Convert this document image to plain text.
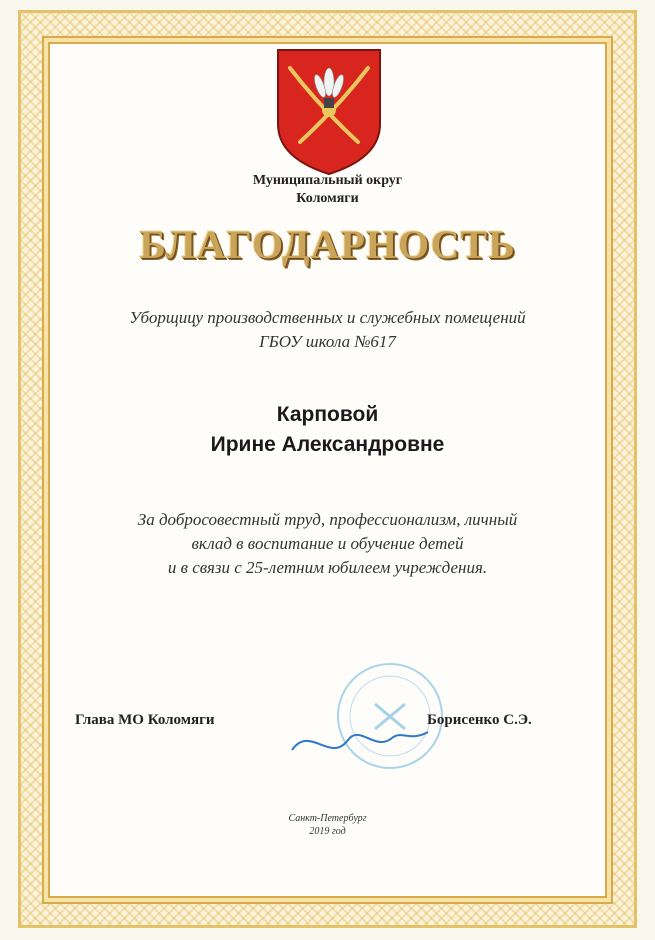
Муниципальный округ
Коломяги
БЛАГОДАРНОСТЬ
Уборщицу производственных и служебных помещений
ГБОУ школа №617
Карповой
Ирине Александровне
За добросовестный труд, профессионализм, личный
вклад в воспитание и обучение детей
и в связи с 25-летним юбилеем учреждения.
Глава МО Коломяги	Борисенко С.Э.
Санкт-Петербург
2019 год
